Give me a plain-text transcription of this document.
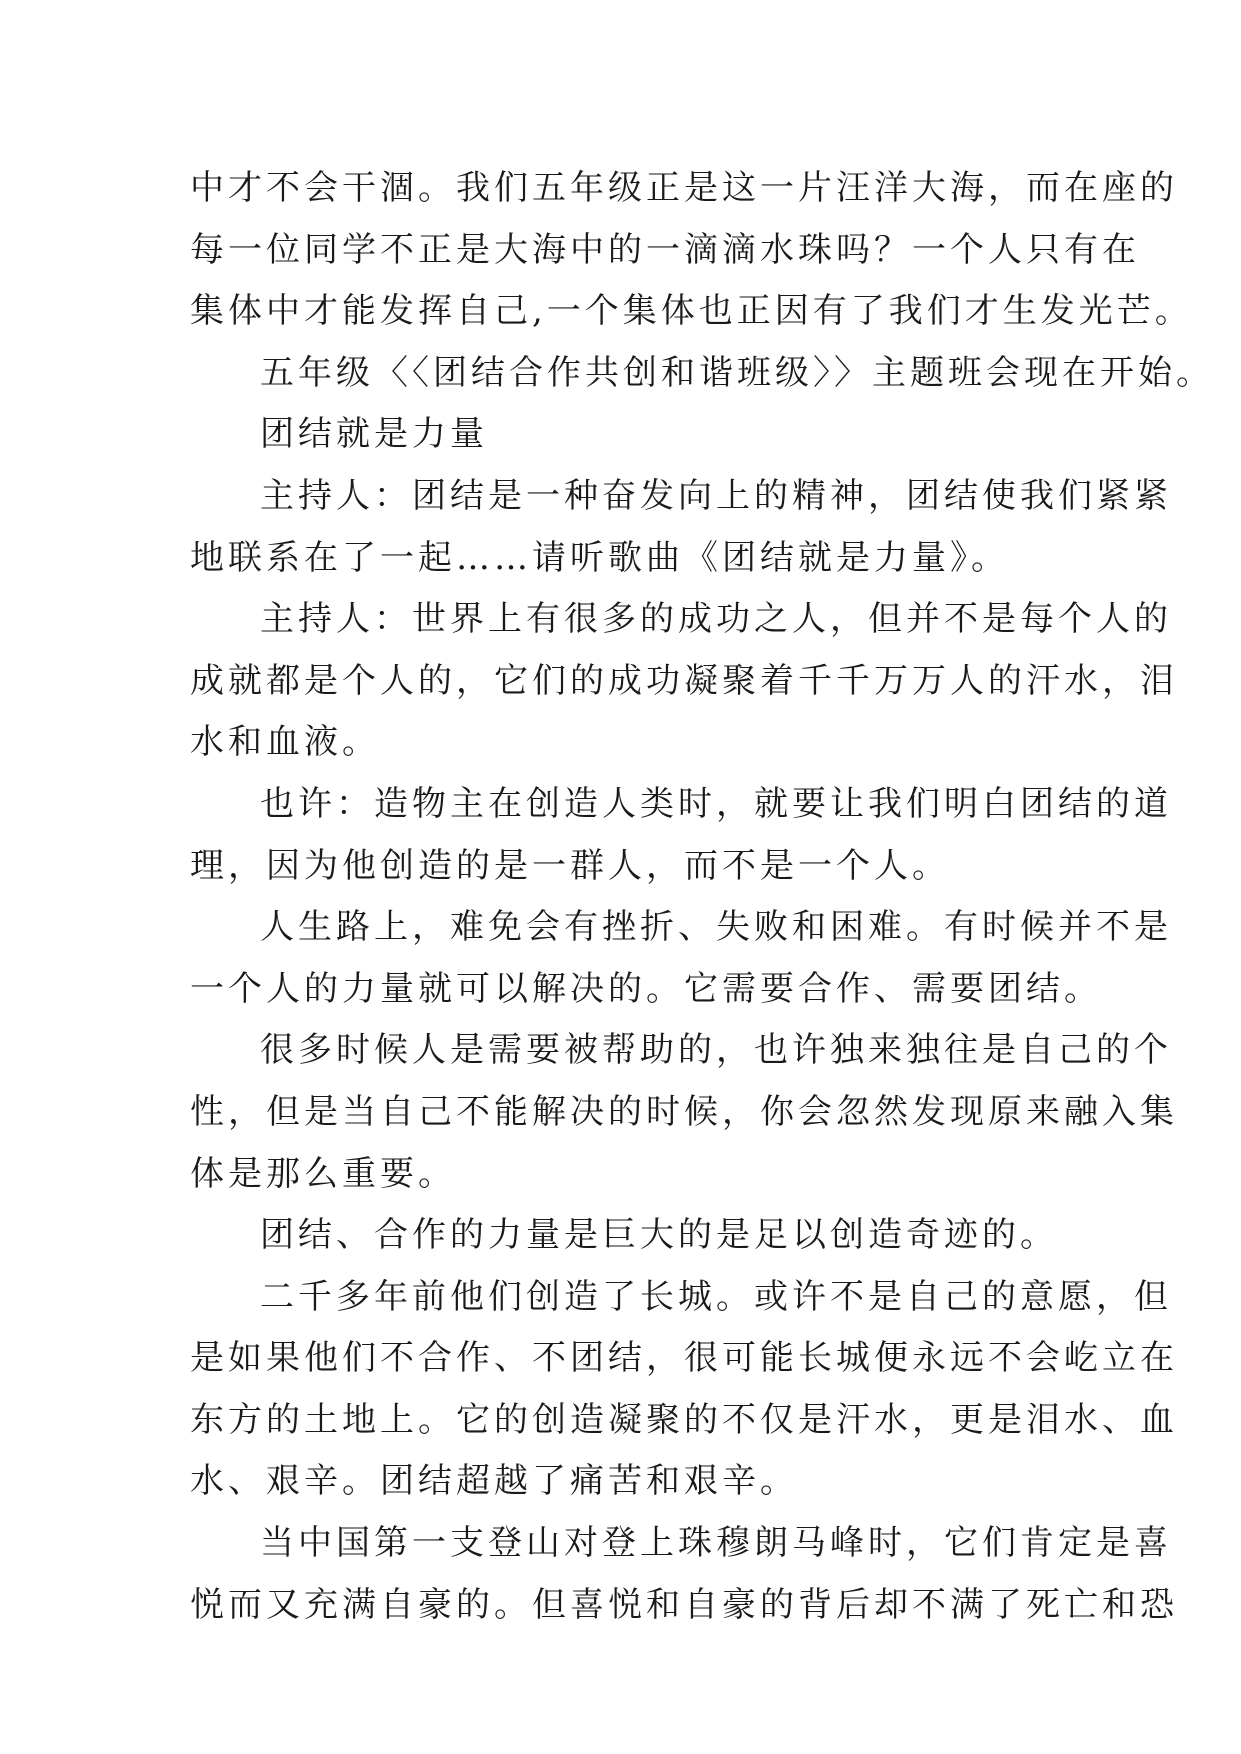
中才不会干涸。我们五年级正是这一片汪洋大海，而在座的
每一位同学不正是大海中的一滴滴水珠吗？一个人只有在
集体中才能发挥自己,一个集体也正因有了我们才生发光芒。
五年级〈〈团结合作共创和谐班级〉〉主题班会现在开始。
团结就是力量
主持人：团结是一种奋发向上的精神，团结使我们紧紧
地联系在了一起……请听歌曲《团结就是力量》。
主持人：世界上有很多的成功之人，但并不是每个人的
成就都是个人的，它们的成功凝聚着千千万万人的汗水，泪
水和血液。
也许：造物主在创造人类时，就要让我们明白团结的道
理，因为他创造的是一群人，而不是一个人。
人生路上，难免会有挫折、失败和困难。有时候并不是
一个人的力量就可以解决的。它需要合作、需要团结。
很多时候人是需要被帮助的，也许独来独往是自己的个
性，但是当自己不能解决的时候，你会忽然发现原来融入集
体是那么重要。
团结、合作的力量是巨大的是足以创造奇迹的。
二千多年前他们创造了长城。或许不是自己的意愿，但
是如果他们不合作、不团结，很可能长城便永远不会屹立在
东方的土地上。它的创造凝聚的不仅是汗水，更是泪水、血
水、艰辛。团结超越了痛苦和艰辛。
当中国第一支登山对登上珠穆朗马峰时，它们肯定是喜
悦而又充满自豪的。但喜悦和自豪的背后却不满了死亡和恐
